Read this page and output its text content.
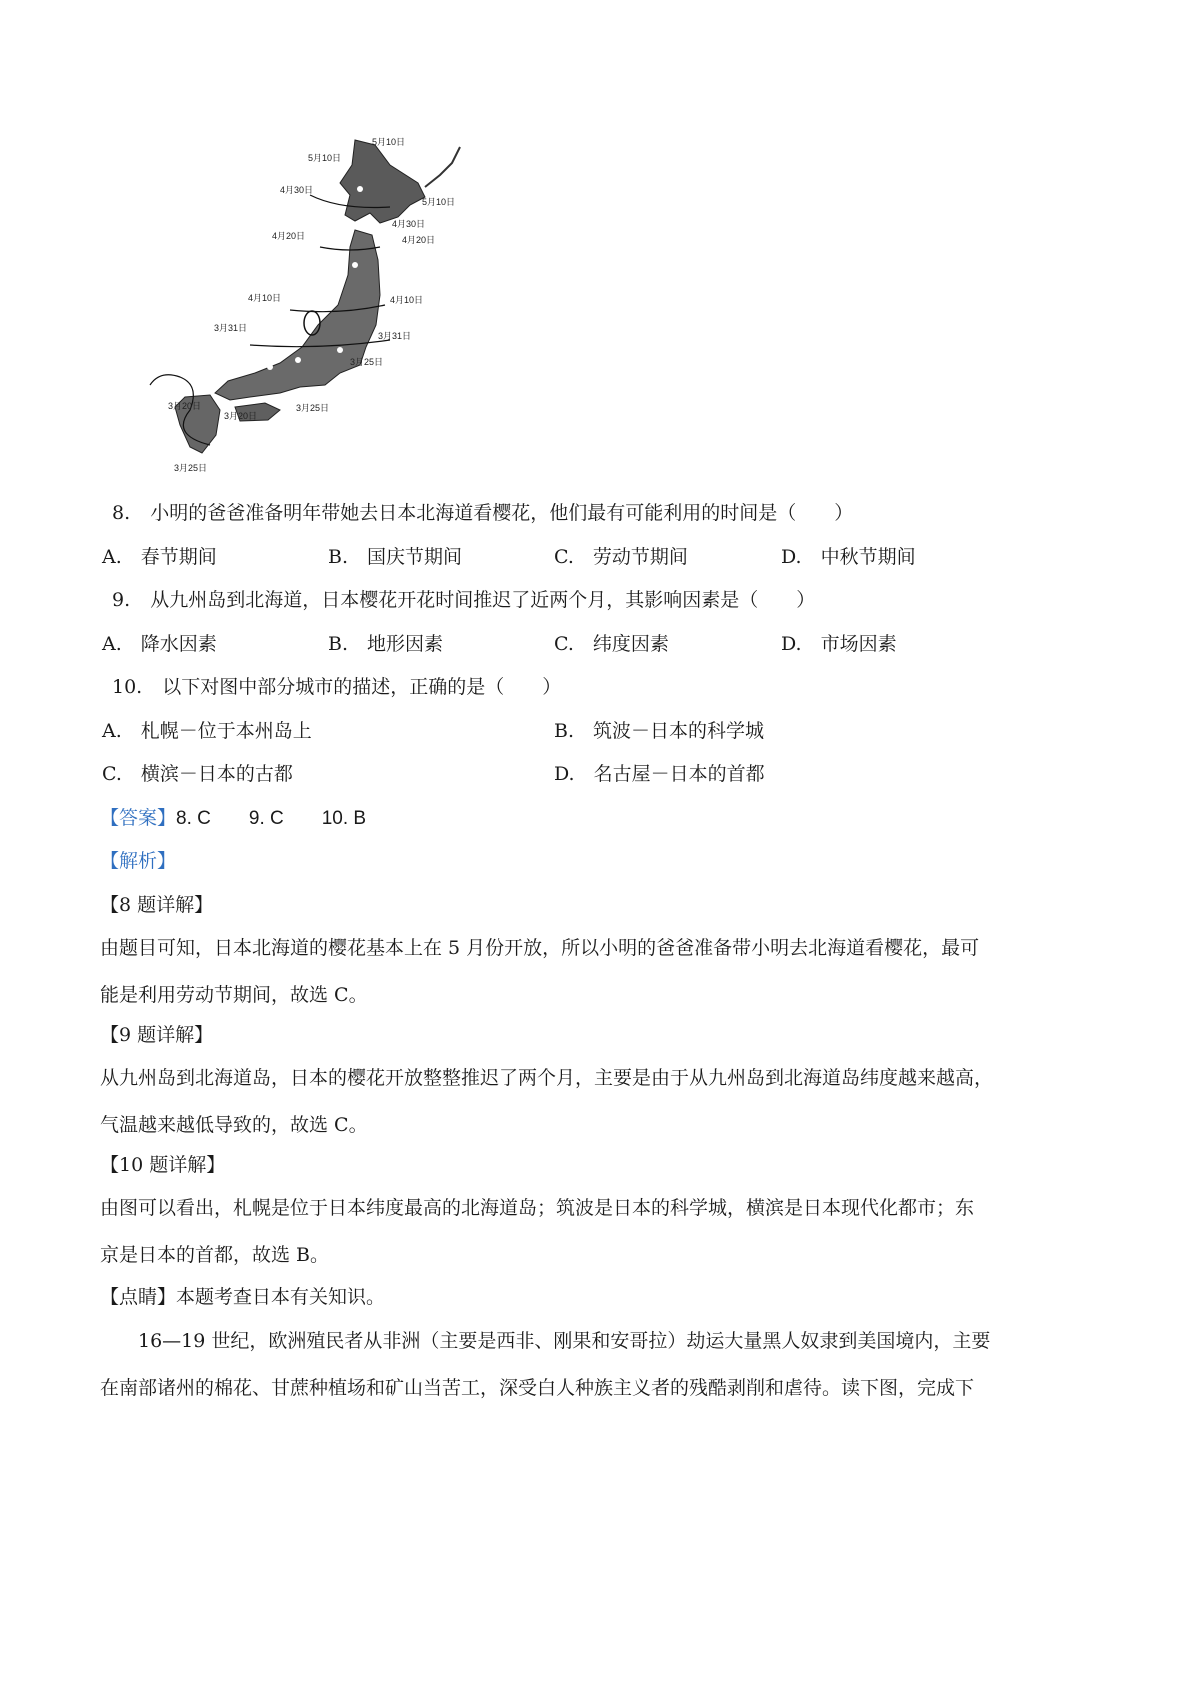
5月10日
5月10日
4月30日
5月10日
4月30日
4月20日	4月20日
4月10日	4月10日
3月31日
3月31日
3月25日
3月20日	3月25日
3月25日
3月20日
8. 小明的爸爸准备明年带她去日本北海道看樱花，他们最有可能利用的时间是（　　）
A.　春节期间	B.　国庆节期间	C.　劳动节期间	D.　中秋节期间
9. 从九州岛到北海道，日本樱花开花时间推迟了近两个月，其影响因素是（　　）
A.　降水因素	B.　地形因素	C.　纬度因素	D.　市场因素
10. 以下对图中部分城市的描述，正确的是（　　）
A.　札幌－位于本州岛上	B.　筑波－日本的科学城
C.　横滨－日本的古都	D.　名古屋－日本的首都
【答案】8. C 9. C 10. B
【解析】
【8 题详解】
由题目可知，日本北海道的樱花基本上在 5 月份开放，所以小明的爸爸准备带小明去北海道看樱花，最可
能是利用劳动节期间，故选 C。
【9 题详解】
从九州岛到北海道岛，日本的樱花开放整整推迟了两个月，主要是由于从九州岛到北海道岛纬度越来越高，
气温越来越低导致的，故选 C。
【10 题详解】
由图可以看出，札幌是位于日本纬度最高的北海道岛；筑波是日本的科学城，横滨是日本现代化都市；东
京是日本的首都，故选 B。
【点睛】本题考查日本有关知识。
　　16—19 世纪，欧洲殖民者从非洲（主要是西非、刚果和安哥拉）劫运大量黑人奴隶到美国境内，主要
在南部诸州的棉花、甘蔗种植场和矿山当苦工，深受白人种族主义者的残酷剥削和虐待。读下图，完成下
